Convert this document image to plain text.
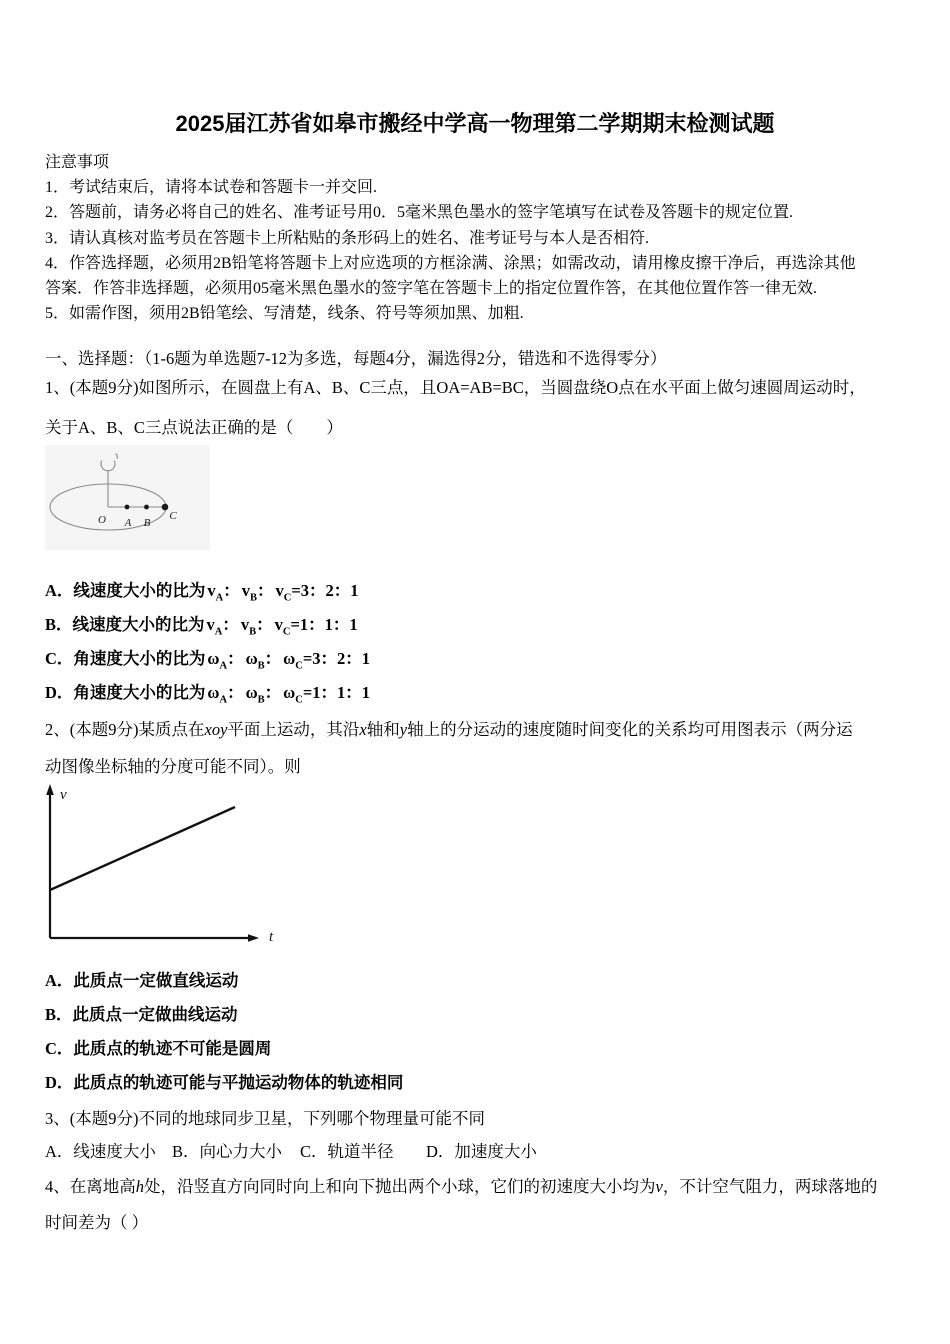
2025届江苏省如皋市搬经中学高一物理第二学期期末检测试题
注意事项
1．考试结束后，请将本试卷和答题卡一并交回.
2．答题前，请务必将自己的姓名、准考证号用0．5毫米黑色墨水的签字笔填写在试卷及答题卡的规定位置.
3．请认真核对监考员在答题卡上所粘贴的条形码上的姓名、准考证号与本人是否相符.
4．作答选择题，必须用2B铅笔将答题卡上对应选项的方框涂满、涂黑；如需改动，请用橡皮擦干净后，再选涂其他
答案．作答非选择题，必须用05毫米黑色墨水的签字笔在答题卡上的指定位置作答，在其他位置作答一律无效.
5．如需作图，须用2B铅笔绘、写清楚，线条、符号等须加黑、加粗.
一、选择题：（1-6题为单选题7-12为多选，每题4分，漏选得2分，错选和不选得零分）
1、(本题9分)如图所示，在圆盘上有A、B、C三点，且OA=AB=BC，当圆盘绕O点在水平面上做匀速圆周运动时，
关于A、B、C三点说法正确的是（　　）
O A B
C
A．线速度大小的比为 $v_A$： $v_B$： $v_C=3$：2：1
B．线速度大小的比为 $v_A$： $v_B$： $v_C=1$：1：1
C．角速度大小的比为 $\omega_A$： $\omega_B$： $\omega_C=3$：2：1
D．角速度大小的比为 $\omega_A$： $\omega_B$： $\omega_C=1$：1：1
2、(本题9分)某质点在xoy平面上运动，其沿x轴和y轴上的分运动的速度随时间变化的关系均可用图表示（两分运
动图像坐标轴的分度可能不同）。则
v
t
A．此质点一定做直线运动
B．此质点一定做曲线运动
C．此质点的轨迹不可能是圆周
D．此质点的轨迹可能与平抛运动物体的轨迹相同
3、(本题9分)不同的地球同步卫星，下列哪个物理量可能不同
A．线速度大小 B．向心力大小	C．轨道半径	D．加速度大小
4、在离地高h处，沿竖直方向同时向上和向下抛出两个小球，它们的初速度大小均为v，不计空气阻力，两球落地的
时间差为（ ）
